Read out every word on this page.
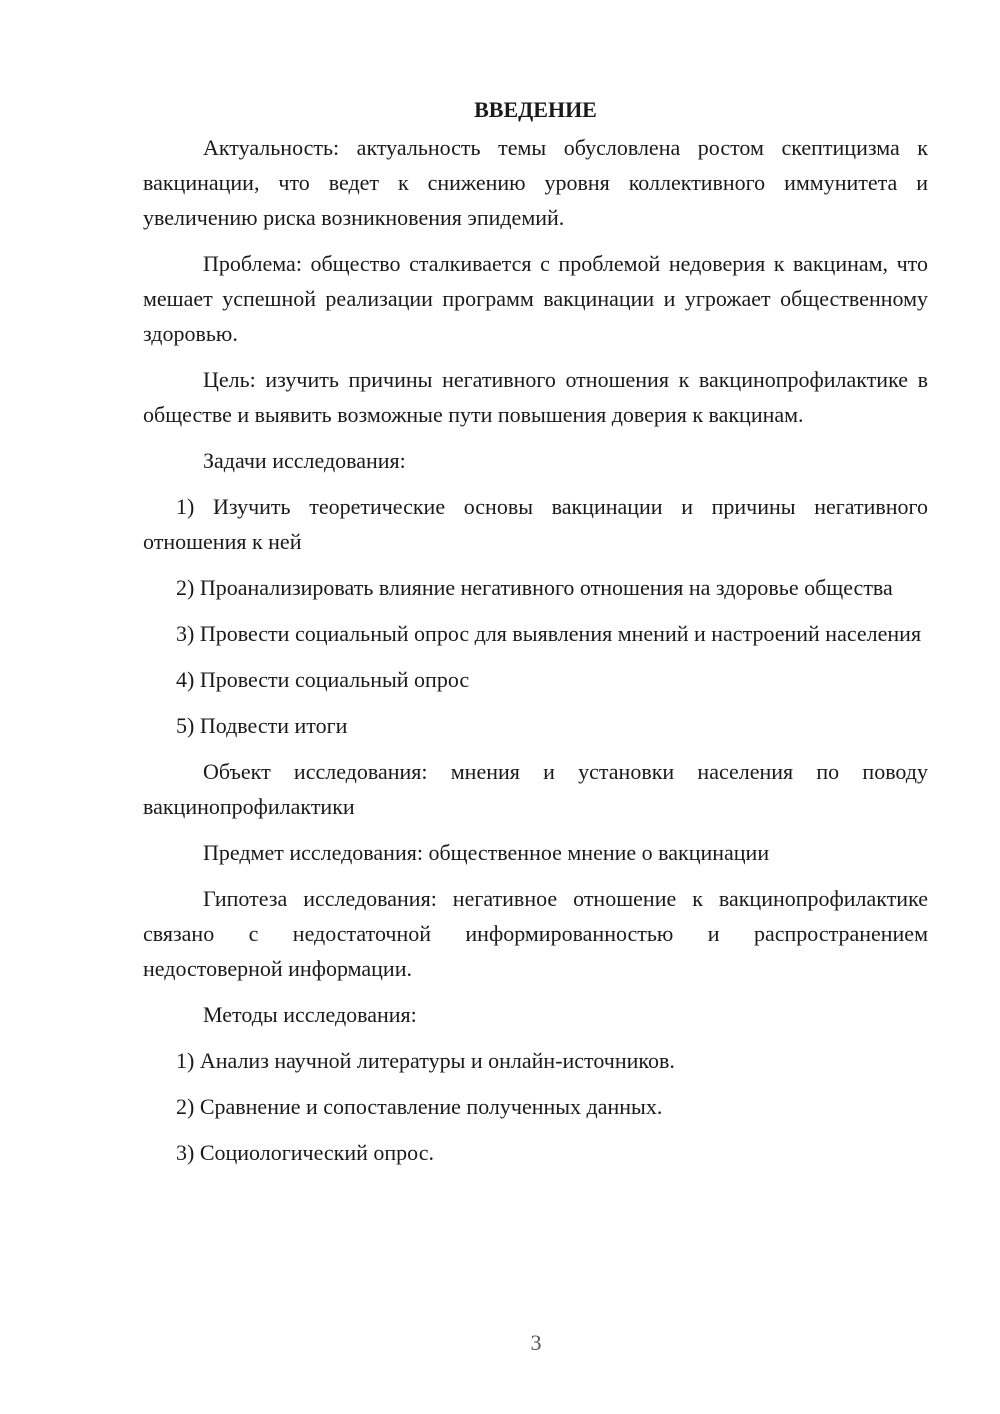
ВВЕДЕНИЕ

Актуальность: актуальность темы обусловлена ростом скептицизма к вакцинации, что ведет к снижению уровня коллективного иммунитета и увеличению риска возникновения эпидемий.

Проблема: общество сталкивается с проблемой недоверия к вакцинам, что мешает успешной реализации программ вакцинации и угрожает общественному здоровью.

Цель: изучить причины негативного отношения к вакцинопрофилактике в обществе и выявить возможные пути повышения доверия к вакцинам.

Задачи исследования:

1) Изучить теоретические основы вакцинации и причины негативного отношения к ней

2) Проанализировать влияние негативного отношения на здоровье общества

3) Провести социальный опрос для выявления мнений и настроений населения

4) Провести социальный опрос

5) Подвести итоги

Объект исследования: мнения и установки населения по поводу вакцинопрофилактики

Предмет исследования: общественное мнение о вакцинации

Гипотеза исследования: негативное отношение к вакцинопрофилактике связано с недостаточной информированностью и распространением недостоверной информации.

Методы исследования:

1) Анализ научной литературы и онлайн-источников.

2) Сравнение и сопоставление полученных данных.

3) Социологический опрос.

3
